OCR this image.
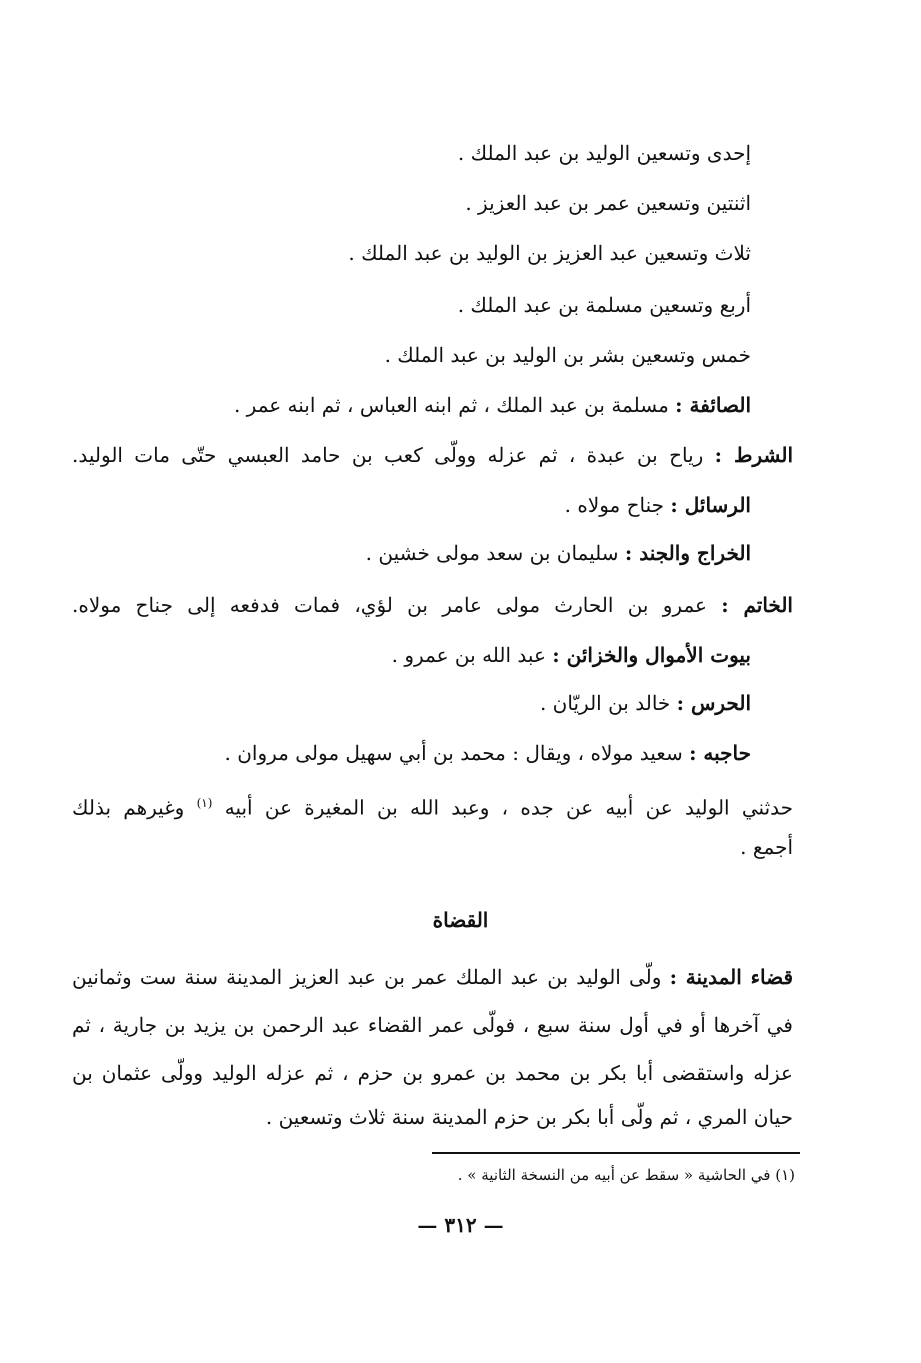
إحدى وتسعين الوليد بن عبد الملك .
اثنتين وتسعين عمر بن عبد العزيز .
ثلاث وتسعين عبد العزيز بن الوليد بن عبد الملك .
أربع وتسعين مسلمة بن عبد الملك .
خمس وتسعين بشر بن الوليد بن عبد الملك .
الصائفة : مسلمة بن عبد الملك ، ثم ابنه العباس ، ثم ابنه عمر .
الشرط : رياح بن عبدة ، ثم عزله وولّى كعب بن حامد العبسي حتّى مات الوليد.
الرسائل : جناح مولاه .
الخراج والجند : سليمان بن سعد مولى خشين .
الخاتم : عمرو بن الحارث مولى عامر بن لؤي، فمات فدفعه إلى جناح مولاه.
بيوت الأموال والخزائن : عبد الله بن عمرو .
الحرس : خالد بن الريّان .
حاجبه : سعيد مولاه ، ويقال : محمد بن أبي سهيل مولى مروان .
حدثني الوليد عن أبيه عن جده ، وعبد الله بن المغيرة عن أبيه $^{(١)}$ وغيرهم بذلك
أجمع .
القضاة
قضاء المدينة : ولّى الوليد بن عبد الملك عمر بن عبد العزيز المدينة سنة ست وثمانين
في آخرها أو في أول سنة سبع ، فولّى عمر القضاء عبد الرحمن بن يزيد بن جارية ، ثم
عزله واستقضى أبا بكر بن محمد بن عمرو بن حزم ، ثم عزله الوليد وولّى عثمان بن
حيان المري ، ثم ولّى أبا بكر بن حزم المدينة سنة ثلاث وتسعين .
(١) في الحاشية « سقط عن أبيه من النسخة الثانية » .
— ٣١٢ —
